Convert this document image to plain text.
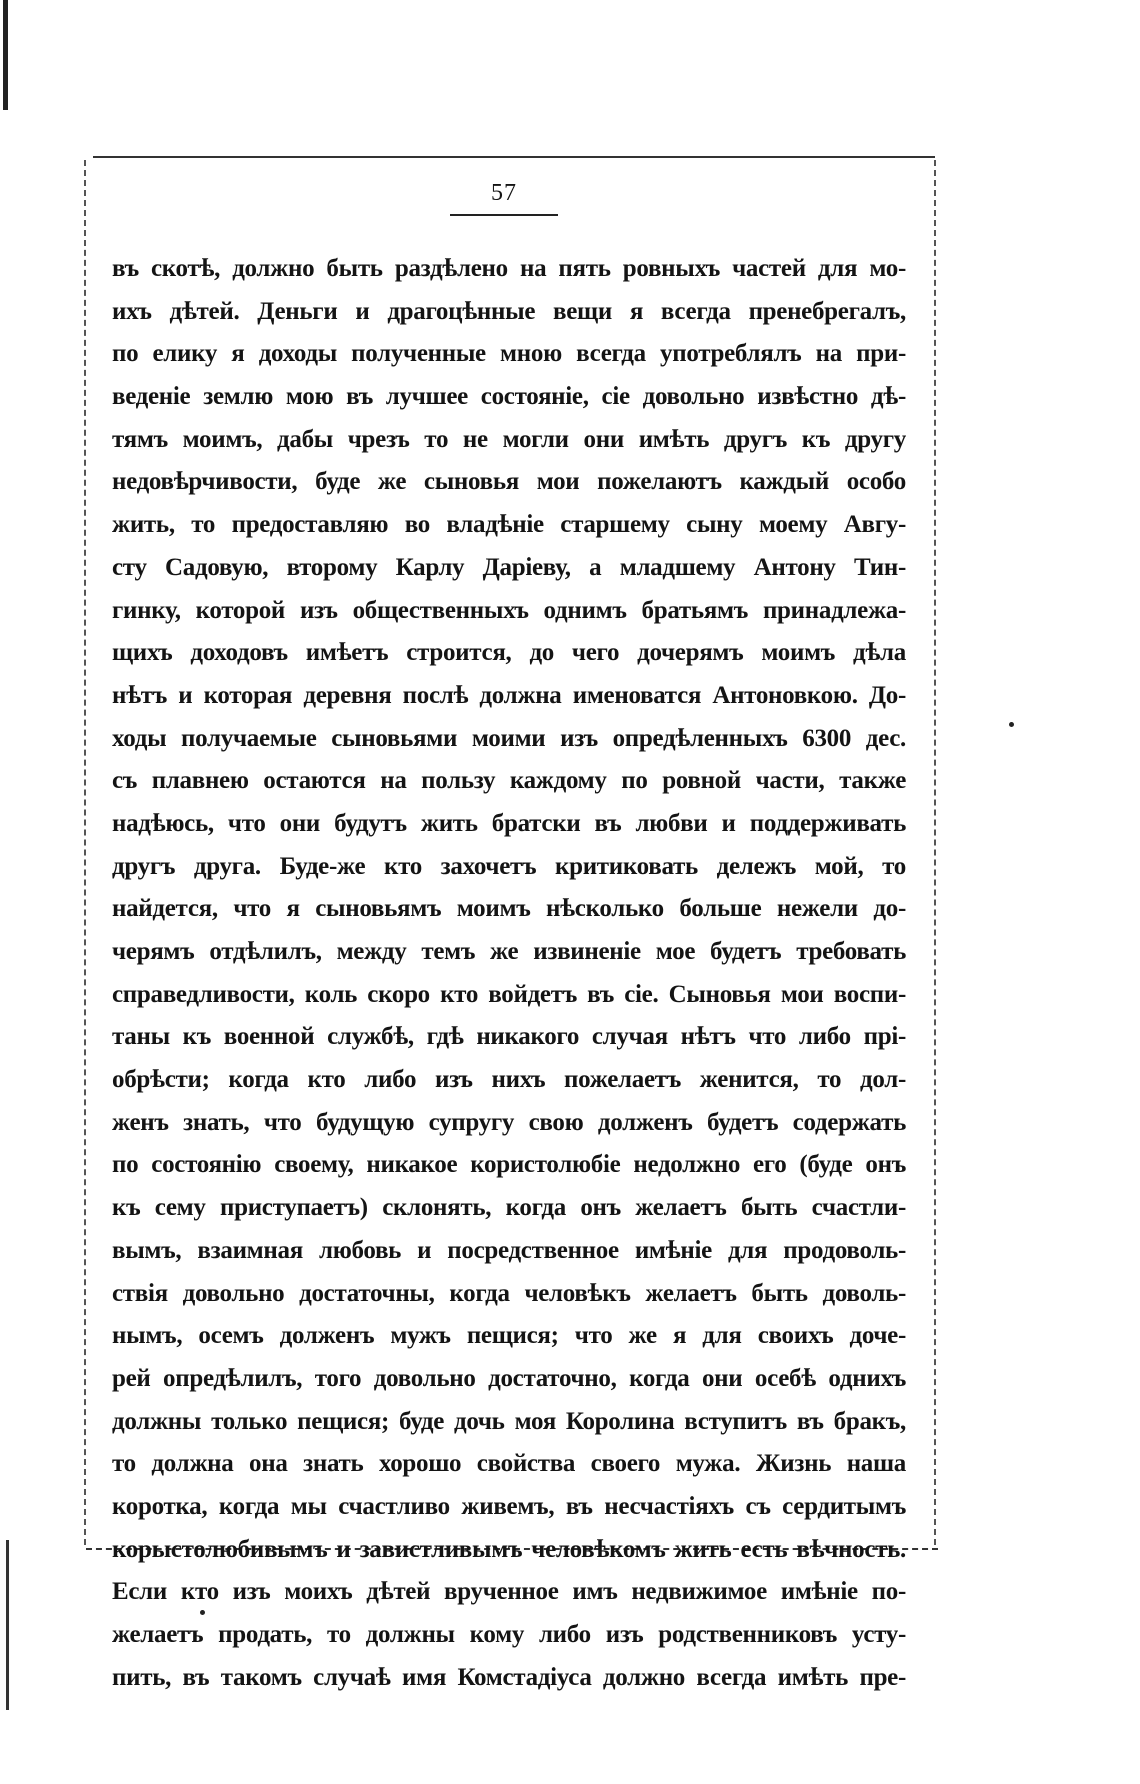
57
въ скотѣ, должно быть раздѣлено на пять ровныхъ частей для мо-
ихъ дѣтей. Деньги и драгоцѣнные вещи я всегда пренебрегалъ,
по елику я доходы полученные мною всегда употреблялъ на при-
веденіе землю мою въ лучшее состояніе, сіе довольно извѣстно дѣ-
тямъ моимъ, дабы чрезъ то не могли они имѣть другъ къ другу
недовѣрчивости, буде же сыновья мои пожелаютъ каждый особо
жить, то предоставляю во владѣніе старшему сыну моему Авгу-
сту Садовую, второму Карлу Даріеву, а младшему Антону Тин-
гинку, которой изъ общественныхъ однимъ братьямъ принадлежа-
щихъ доходовъ имѣетъ строится, до чего дочерямъ моимъ дѣла
нѣтъ и которая деревня послѣ должна именоватся Антоновкою. До-
ходы получаемые сыновьями моими изъ опредѣленныхъ 6300 дес.
съ плавнею остаются на пользу каждому по ровной части, также
надѣюсь, что они будутъ жить братски въ любви и поддерживать
другъ друга. Буде-же кто захочетъ критиковать дележъ мой, то
найдется, что я сыновьямъ моимъ нѣсколько больше нежели до-
черямъ отдѣлилъ, между темъ же извиненіе мое будетъ требовать
справедливости, коль скоро кто войдетъ въ сіе. Сыновья мои воспи-
таны къ военной службѣ, гдѣ никакого случая нѣтъ что либо прі-
обрѣсти; когда кто либо изъ нихъ пожелаетъ женится, то дол-
женъ знать, что будущую супругу свою долженъ будетъ содержать
по состоянію своему, никакое користолюбіе недолжно его (буде онъ
къ сему приступаетъ) склонять, когда онъ желаетъ быть счастли-
вымъ, взаимная любовь и посредственное имѣніе для продоволь-
ствія довольно достаточны, когда человѣкъ желаетъ быть доволь-
нымъ, осемъ долженъ мужъ пещися; что же я для своихъ доче-
рей опредѣлилъ, того довольно достаточно, когда они осебѣ однихъ
должны только пещися; буде дочь моя Королина вступитъ въ бракъ,
то должна она знать хорошо свойства своего мужа. Жизнь наша
коротка, когда мы счастливо живемъ, въ несчастіяхъ съ сердитымъ
корыстолюбивымъ и завистливымъ человѣкомъ жить есть вѣчность.
Если кто изъ моихъ дѣтей врученное имъ недвижимое имѣніе по-
желаетъ продать, то должны кому либо изъ родственниковъ усту-
пить, въ такомъ случаѣ имя Комстадіуса должно всегда имѣть пре-
